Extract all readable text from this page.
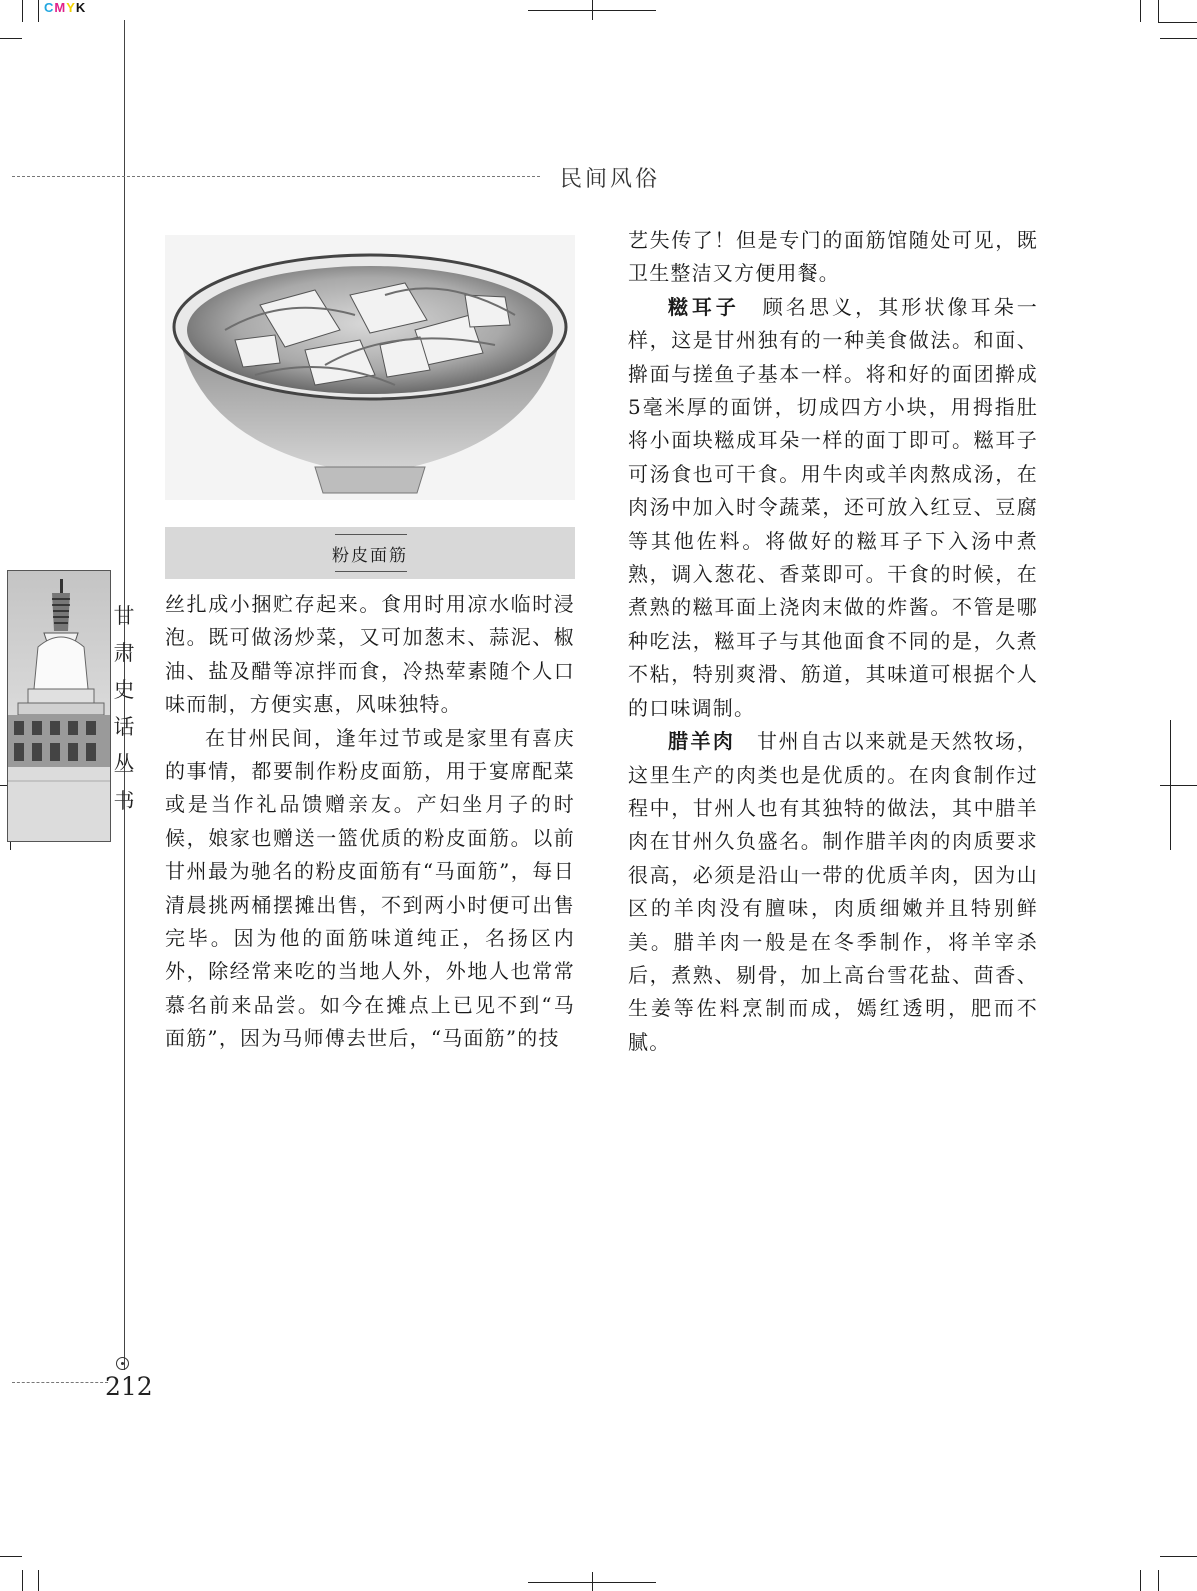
CMYK
民间风俗
粉皮面筋
甘
肃
史
话
丛
书

丝扎成小捆贮存起来。食用时用凉水临时浸泡。既可做汤炒菜，又可加葱末、蒜泥、椒油、盐及醋等凉拌而食，冷热荤素随个人口味而制，方便实惠，风味独特。

在甘州民间，逢年过节或是家里有喜庆的事情，都要制作粉皮面筋，用于宴席配菜或是当作礼品馈赠亲友。产妇坐月子的时候，娘家也赠送一篮优质的粉皮面筋。以前甘州最为驰名的粉皮面筋有“马面筋”，每日清晨挑两桶摆摊出售，不到两小时便可出售完毕。因为他的面筋味道纯正，名扬区内外，除经常来吃的当地人外，外地人也常常慕名前来品尝。如今在摊点上已见不到“马面筋”，因为马师傅去世后，“马面筋”的技

艺失传了！但是专门的面筋馆随处可见，既卫生整洁又方便用餐。

糍耳子　 顾名思义，其形状像耳朵一样，这是甘州独有的一种美食做法。和面、擀面与搓鱼子基本一样。将和好的面团擀成5毫米厚的面饼，切成四方小块，用拇指肚将小面块糍成耳朵一样的面丁即可。糍耳子可汤食也可干食。用牛肉或羊肉熬成汤，在肉汤中加入时令蔬菜，还可放入红豆、豆腐等其他佐料。将做好的糍耳子下入汤中煮熟，调入葱花、香菜即可。干食的时候，在煮熟的糍耳面上浇肉末做的炸酱。不管是哪种吃法，糍耳子与其他面食不同的是，久煮不粘，特别爽滑、筋道，其味道可根据个人的口味调制。

腊羊肉　 甘州自古以来就是天然牧场，这里生产的肉类也是优质的。在肉食制作过程中，甘州人也有其独特的做法，其中腊羊肉在甘州久负盛名。制作腊羊肉的肉质要求很高，必须是沿山一带的优质羊肉，因为山区的羊肉没有膻味，肉质细嫩并且特别鲜美。腊羊肉一般是在冬季制作，将羊宰杀后，煮熟、剔骨，加上高台雪花盐、茴香、生姜等佐料烹制而成，嫣红透明，肥而不腻。

212
